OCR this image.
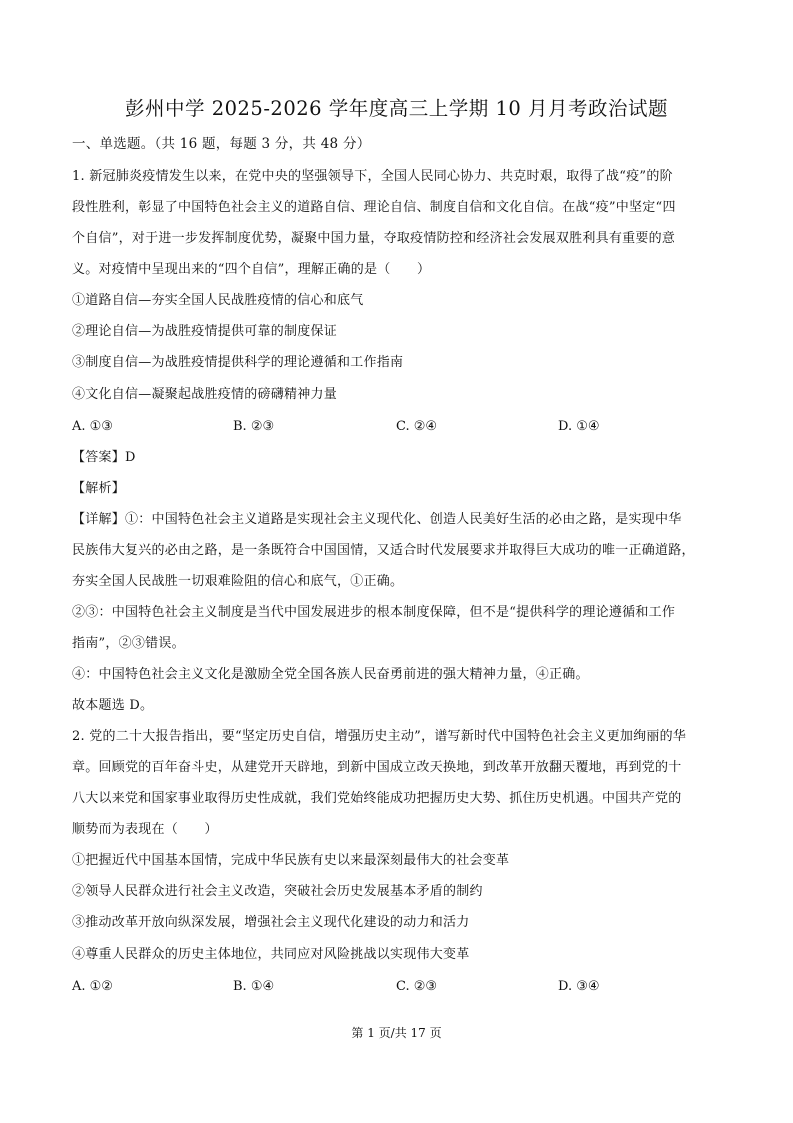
彭州中学 2025-2026 学年度高三上学期 10 月月考政治试题
一、单选题。（共 16 题，每题 3 分，共 48 分）
1. 新冠肺炎疫情发生以来，在党中央的坚强领导下，全国人民同心协力、共克时艰，取得了战“疫”的阶
段性胜利，彰显了中国特色社会主义的道路自信、理论自信、制度自信和文化自信。在战“疫”中坚定“四
个自信”，对于进一步发挥制度优势，凝聚中国力量，夺取疫情防控和经济社会发展双胜利具有重要的意
义。对疫情中呈现出来的“四个自信”，理解正确的是（　　）
①道路自信—夯实全国人民战胜疫情的信心和底气
②理论自信—为战胜疫情提供可靠的制度保证
③制度自信—为战胜疫情提供科学的理论遵循和工作指南
④文化自信—凝聚起战胜疫情的磅礴精神力量
A. ①③	B. ②③	C. ②④	D. ①④
【答案】D
【解析】
【详解】①：中国特色社会主义道路是实现社会主义现代化、创造人民美好生活的必由之路，是实现中华
民族伟大复兴的必由之路，是一条既符合中国国情，又适合时代发展要求并取得巨大成功的唯一正确道路，
夯实全国人民战胜一切艰难险阻的信心和底气，①正确。
②③：中国特色社会主义制度是当代中国发展进步的根本制度保障，但不是“提供科学的理论遵循和工作
指南”，②③错误。
④：中国特色社会主义文化是激励全党全国各族人民奋勇前进的强大精神力量，④正确。
故本题选 D。
2. 党的二十大报告指出，要“坚定历史自信，增强历史主动”，谱写新时代中国特色社会主义更加绚丽的华
章。回顾党的百年奋斗史，从建党开天辟地，到新中国成立改天换地，到改革开放翻天覆地，再到党的十
八大以来党和国家事业取得历史性成就，我们党始终能成功把握历史大势、抓住历史机遇。中国共产党的
顺势而为表现在（　　）
①把握近代中国基本国情，完成中华民族有史以来最深刻最伟大的社会变革
②领导人民群众进行社会主义改造，突破社会历史发展基本矛盾的制约
③推动改革开放向纵深发展，增强社会主义现代化建设的动力和活力
④尊重人民群众的历史主体地位，共同应对风险挑战以实现伟大变革
A. ①②	B. ①④	C. ②③	D. ③④
第 1 页/共 17 页
